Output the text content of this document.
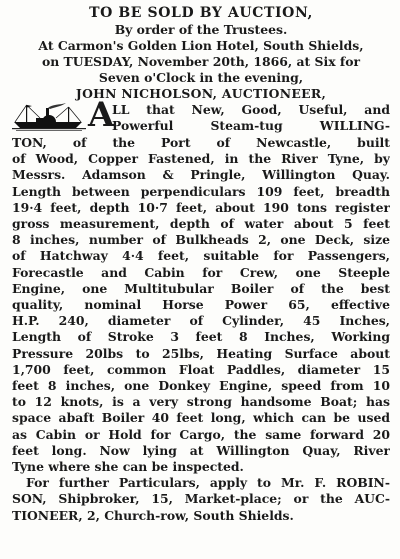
TO BE SOLD BY AUCTION,
By order of the Trustees.
At Carmon's Golden Lion Hotel, South Shields,
on TUESDAY, November 20th, 1866, at Six for
Seven o'Clock in the evening,
JOHN NICHOLSON, AUCTIONEER,
A
LL that New, Good, Useful, and
Powerful Steam-tug WILLING-
TON, of the Port of Newcastle, built
of Wood, Copper Fastened, in the River Tyne, by
Messrs. Adamson & Pringle, Willington Quay.
Length between perpendiculars 109 feet, breadth
19·4 feet, depth 10·7 feet, about 190 tons register
gross measurement, depth of water about 5 feet
8 inches, number of Bulkheads 2, one Deck, size
of Hatchway 4·4 feet, suitable for Passengers,
Forecastle and Cabin for Crew, one Steeple
Engine, one Multitubular Boiler of the best
quality, nominal Horse Power 65, effective
H.P. 240, diameter of Cylinder, 45 Inches,
Length of Stroke 3 feet 8 Inches, Working
Pressure 20lbs to 25lbs, Heating Surface about
1,700 feet, common Float Paddles, diameter 15
feet 8 inches, one Donkey Engine, speed from 10
to 12 knots, is a very strong handsome Boat; has
space abaft Boiler 40 feet long, which can be used
as Cabin or Hold for Cargo, the same forward 20
feet long. Now lying at Willington Quay, River
Tyne where she can be inspected.
For further Particulars, apply to Mr. F. ROBIN-
SON, Shipbroker, 15, Market-place; or the AUC-
TIONEER, 2, Church-row, South Shields.
